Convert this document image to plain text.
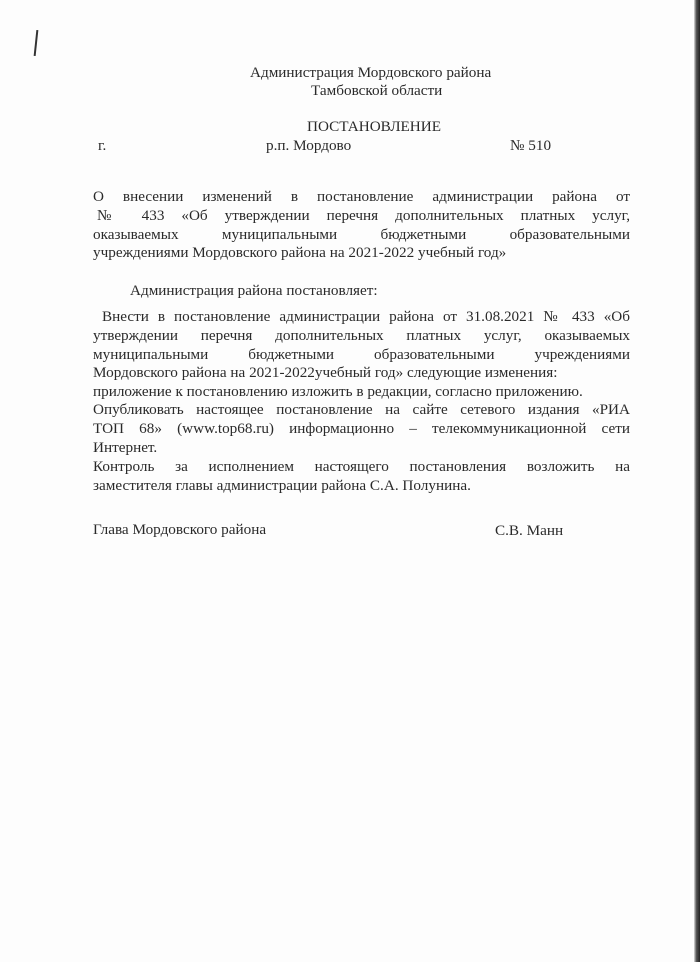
Администрация Мордовского района
Тамбовской области
ПОСТАНОВЛЕНИЕ
г.	р.п. Мордово	№ 510
О внесении изменений в постановление администрации района от
№ 433 «Об утверждении перечня дополнительных платных услуг,
оказываемых муниципальными бюджетными образовательными
учреждениями Мордовского района на 2021-2022 учебный год»
Администрация района постановляет:
Внести в постановление администрации района от 31.08.2021 № 433 «Об
утверждении перечня дополнительных платных услуг, оказываемых
муниципальными бюджетными образовательными учреждениями
Мордовского района на 2021-2022учебный год» следующие изменения:
приложение к постановлению изложить в редакции, согласно приложению.
Опубликовать настоящее постановление на сайте сетевого издания «РИА
ТОП 68» (www.top68.ru) информационно – телекоммуникационной сети
Интернет.
Контроль за исполнением настоящего постановления возложить на
заместителя главы администрации района С.А. Полунина.
Глава Мордовского района	С.В. Манн
